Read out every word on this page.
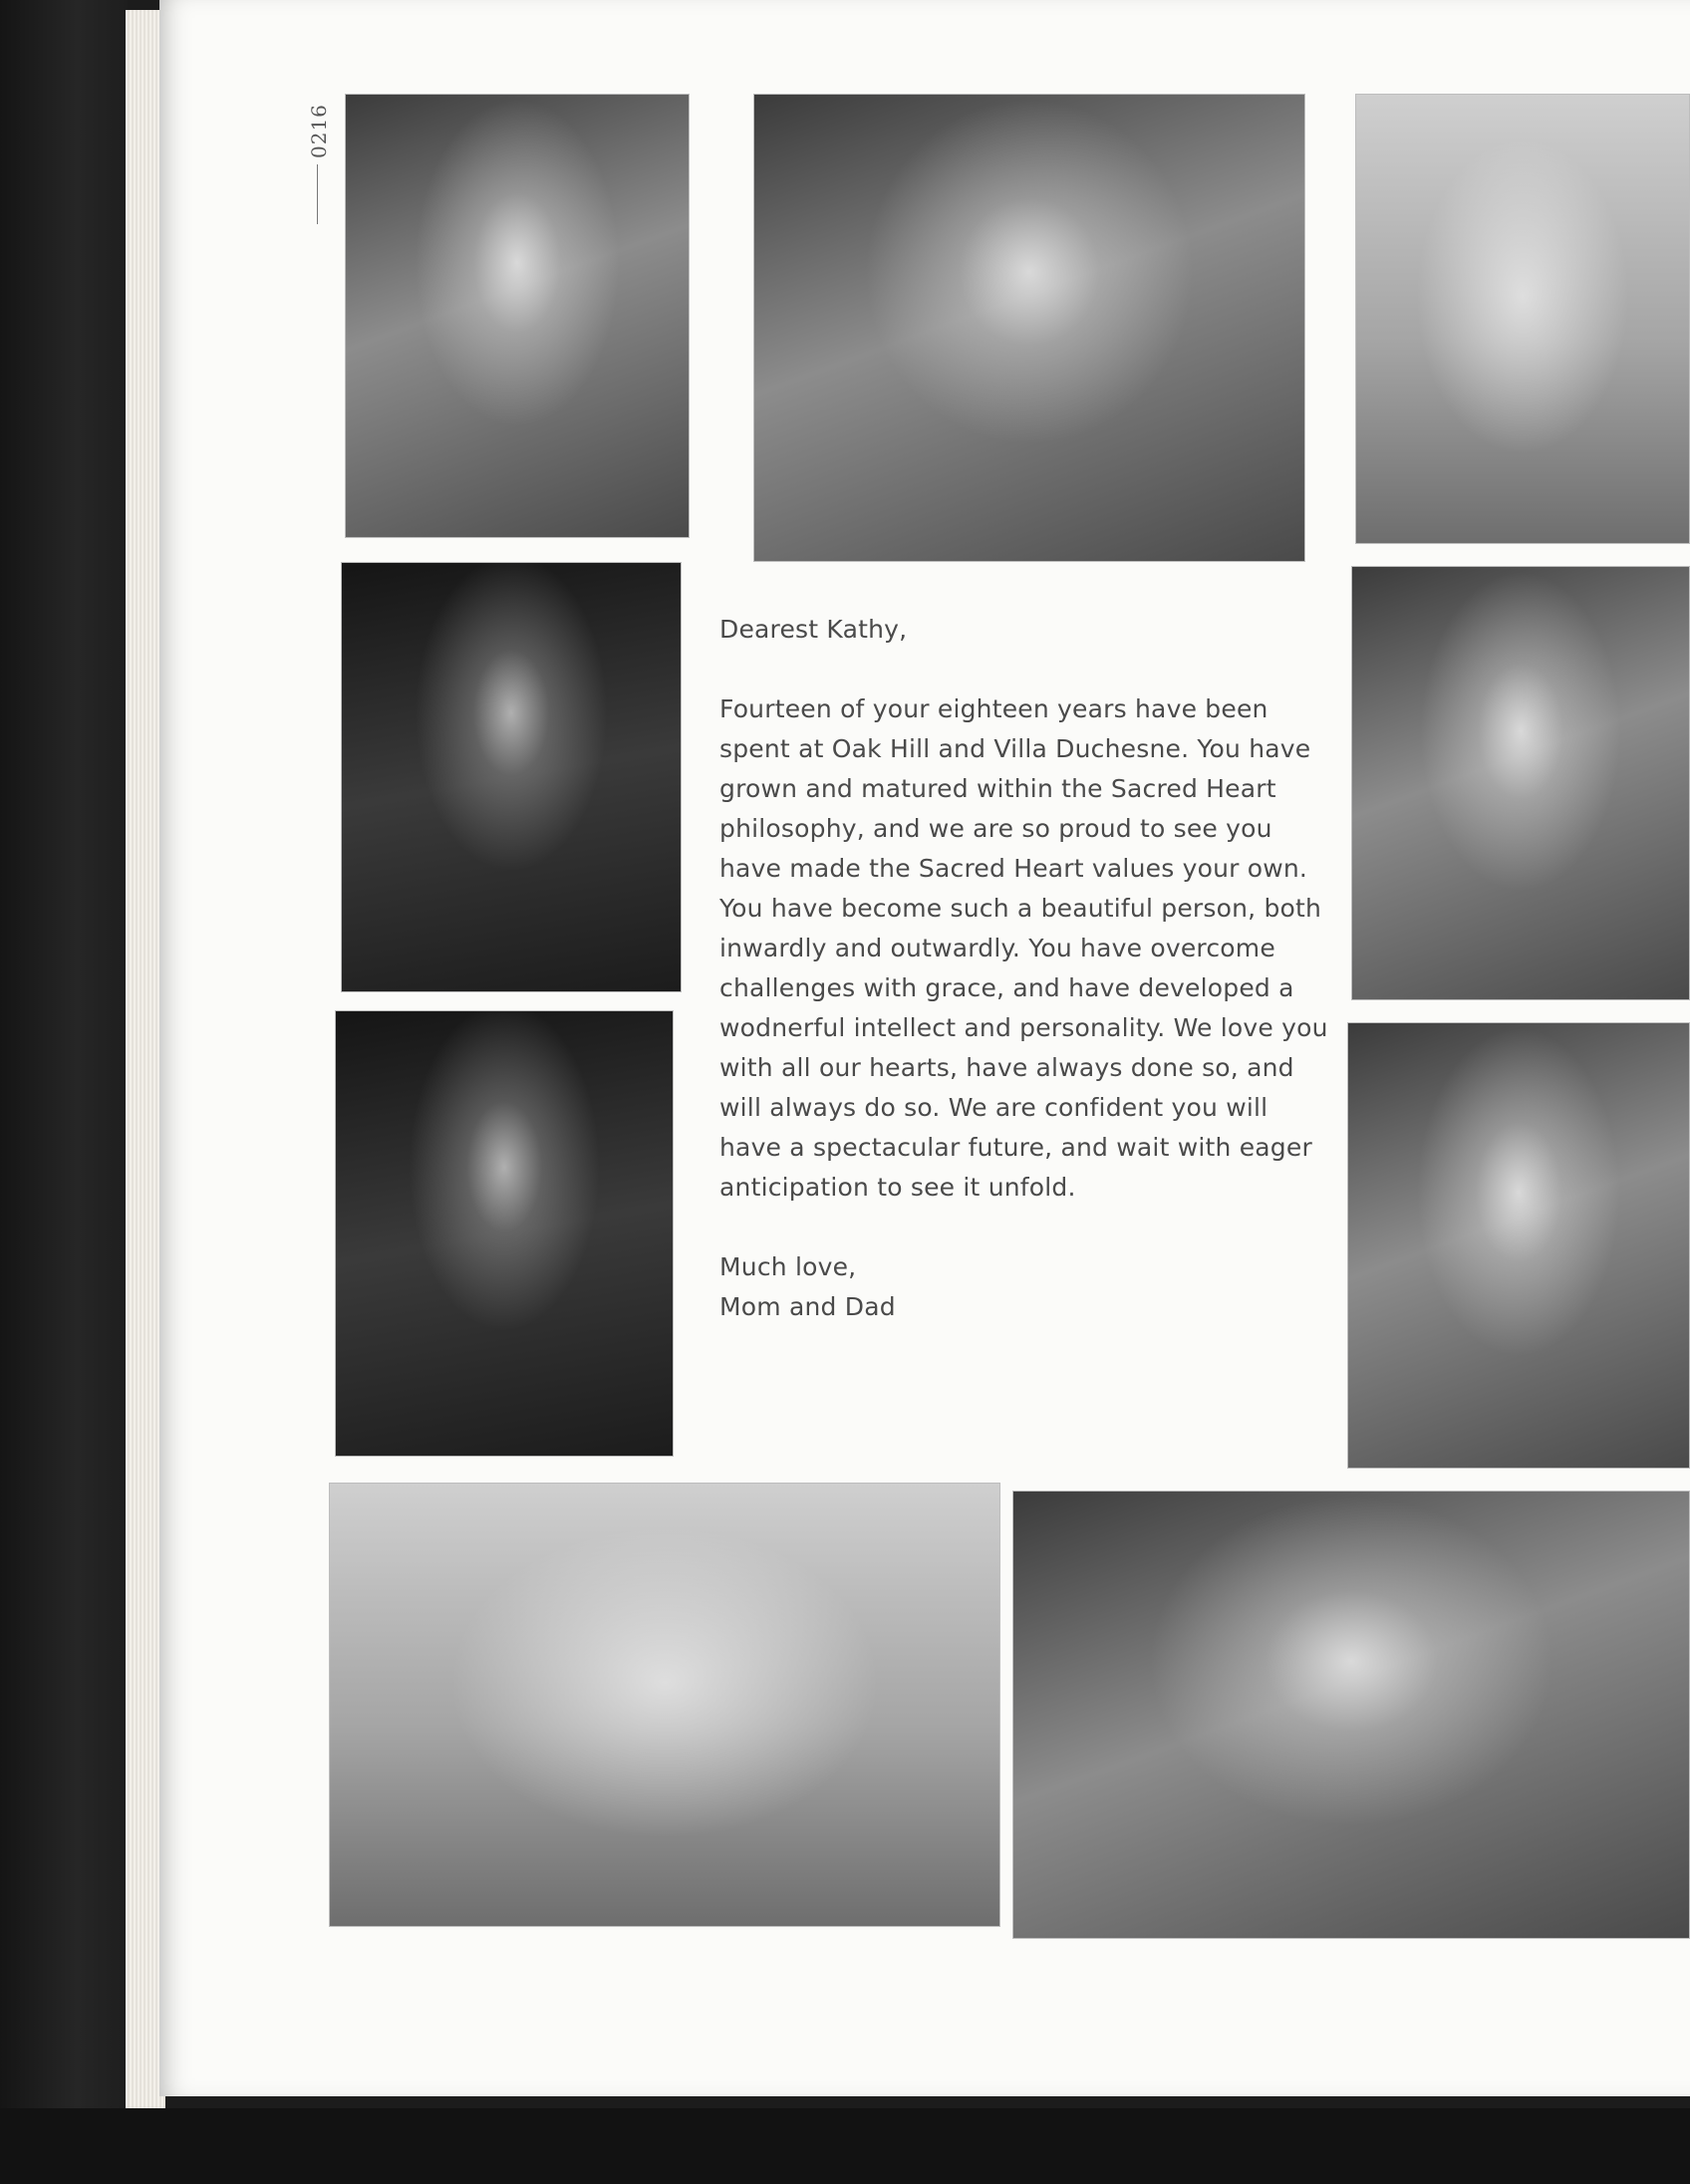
0216

Dearest Kathy,

Fourteen of your eighteen years have been spent at Oak Hill and Villa Duchesne. You have grown and matured within the Sacred Heart philosophy, and we are so proud to see you have made the Sacred Heart values your own. You have become such a beautiful person, both inwardly and outwardly. You have overcome challenges with grace, and have developed a wodnerful intellect and personality. We love you with all our hearts, have always done so, and will always do so. We are confident you will have a spectacular future, and wait with eager anticipation to see it unfold.

Much love,

Mom and Dad
